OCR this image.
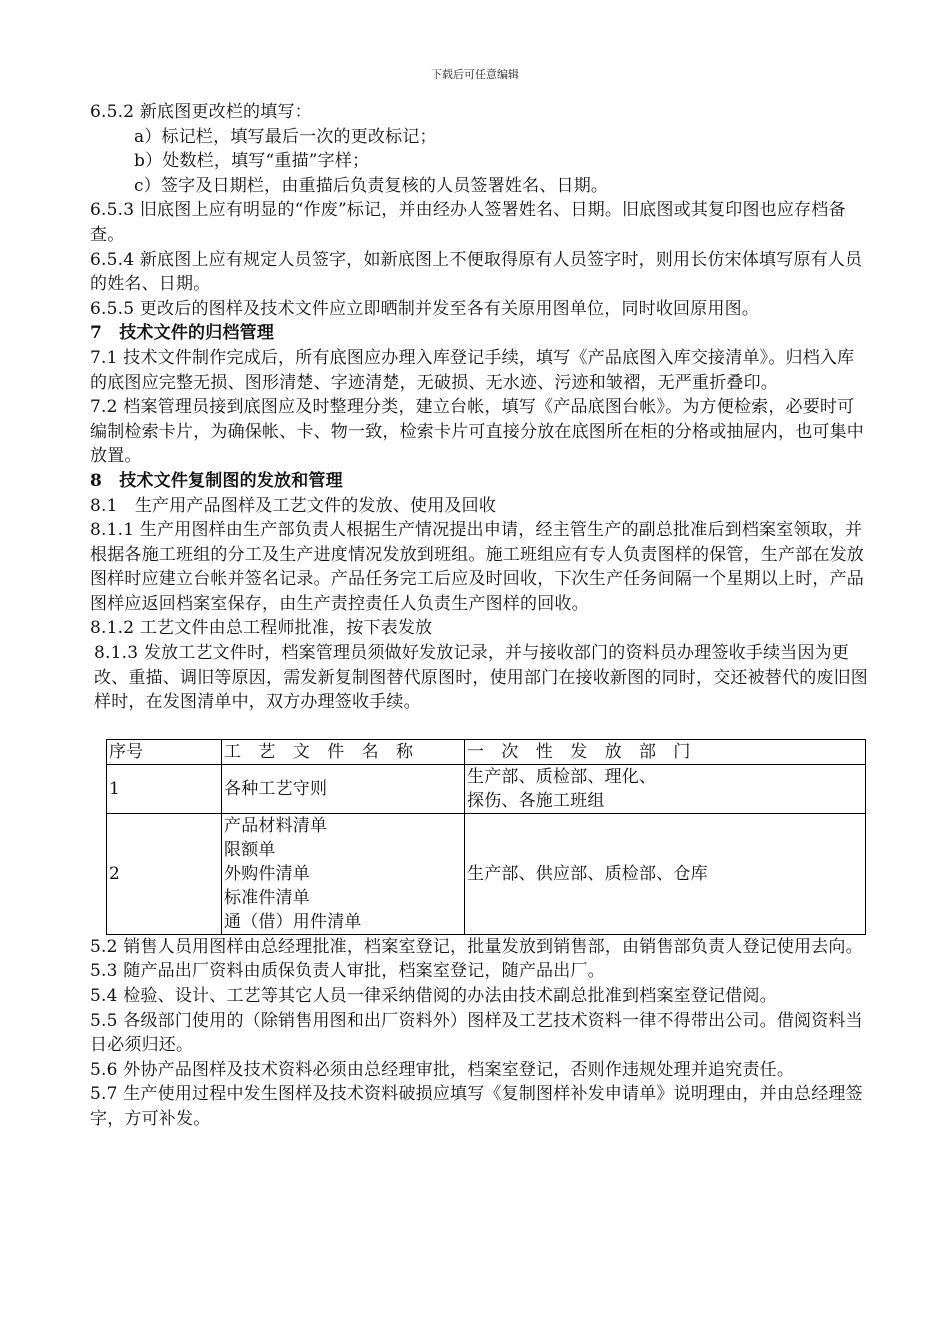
下载后可任意编辑

6.5.2 新底图更改栏的填写：

a）标记栏，填写最后一次的更改标记；

b）处数栏，填写“重描”字样；

c）签字及日期栏，由重描后负责复核的人员签署姓名、日期。

6.5.3 旧底图上应有明显的“作废”标记，并由经办人签署姓名、日期。旧底图或其复印图也应存档备查。

6.5.4 新底图上应有规定人员签字，如新底图上不便取得原有人员签字时，则用长仿宋体填写原有人员的姓名、日期。

6.5.5 更改后的图样及技术文件应立即晒制并发至各有关原用图单位，同时收回原用图。

7　技术文件的归档管理

7.1 技术文件制作完成后，所有底图应办理入库登记手续，填写《产品底图入库交接清单》。归档入库的底图应完整无损、图形清楚、字迹清楚，无破损、无水迹、污迹和皱褶，无严重折叠印。

7.2 档案管理员接到底图应及时整理分类，建立台帐，填写《产品底图台帐》。为方便检索，必要时可编制检索卡片，为确保帐、卡、物一致，检索卡片可直接分放在底图所在柜的分格或抽屉内，也可集中放置。

8　技术文件复制图的发放和管理

8.1　生产用产品图样及工艺文件的发放、使用及回收

8.1.1 生产用图样由生产部负责人根据生产情况提出申请，经主管生产的副总批准后到档案室领取，并根据各施工班组的分工及生产进度情况发放到班组。施工班组应有专人负责图样的保管，生产部在发放图样时应建立台帐并签名记录。产品任务完工后应及时回收，下次生产任务间隔一个星期以上时，产品图样应返回档案室保存，由生产责控责任人负责生产图样的回收。

8.1.2 工艺文件由总工程师批准，按下表发放

8.1.3 发放工艺文件时，档案管理员须做好发放记录，并与接收部门的资料员办理签收手续当因为更改、重描、调旧等原因，需发新复制图替代原图时，使用部门在接收新图的同时，交还被替代的废旧图样时，在发图清单中，双方办理签收手续。

序号	工 艺 文 件 名 称	一 次 性 发 放 部 门
1	各种工艺守则	生产部、质检部、理化、
探伤、各施工班组

2	产品材料清单
限额单
外购件清单
标准件清单
通（借）用件清单	生产部、供应部、质检部、仓库

5.2 销售人员用图样由总经理批准，档案室登记，批量发放到销售部，由销售部负责人登记使用去向。

5.3 随产品出厂资料由质保负责人审批，档案室登记，随产品出厂。

5.4 检验、设计、工艺等其它人员一律采纳借阅的办法由技术副总批准到档案室登记借阅。

5.5 各级部门使用的（除销售用图和出厂资料外）图样及工艺技术资料一律不得带出公司。借阅资料当日必须归还。

5.6 外协产品图样及技术资料必须由总经理审批，档案室登记，否则作违规处理并追究责任。

5.7 生产使用过程中发生图样及技术资料破损应填写《复制图样补发申请单》说明理由，并由总经理签字，方可补发。
